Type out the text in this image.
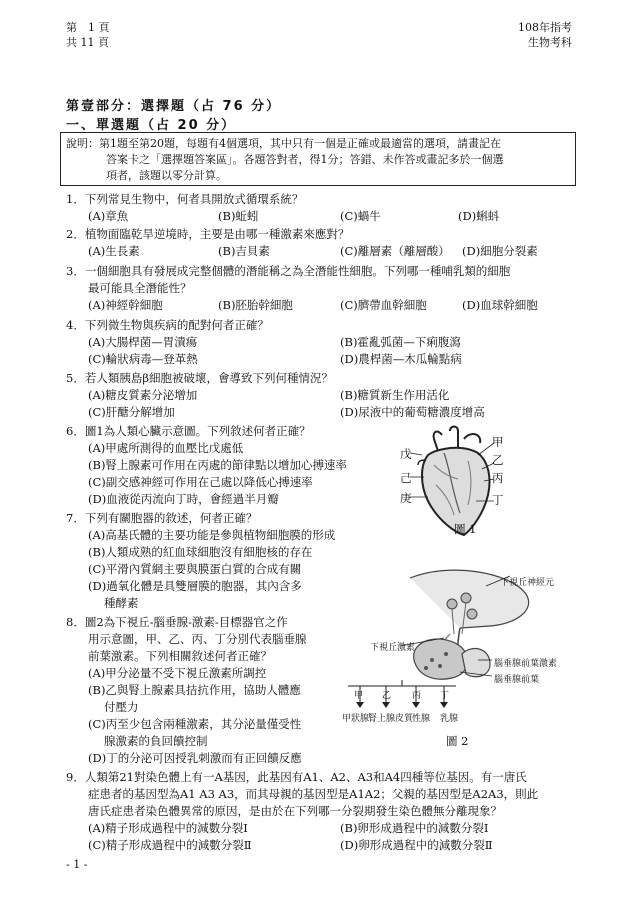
第　1 頁
共 11 頁
108年指考
生物考科
第壹部分：選擇題（占 76 分）
一、單選題（占 20 分）
說明：第1題至第20題，每題有4個選項，其中只有一個是正確或最適當的選項，請畫記在
答案卡之「選擇題答案區」。各題答對者，得1分；答錯、未作答或畫記多於一個選
項者，該題以零分計算。
1．下列常見生物中，何者具開放式循環系統？
(A)章魚	(B)蚯蚓	(C)蝸牛	(D)蝌蚪
2．植物面臨乾旱逆境時，主要是由哪一種激素來應對？
(A)生長素	(B)吉貝素	(C)離層素（離層酸） (D)細胞分裂素
3．一個細胞具有發展成完整個體的潛能稱之為全潛能性細胞。下列哪一種哺乳類的細胞
最可能具全潛能性？
(A)神經幹細胞	(B)胚胎幹細胞	(C)臍帶血幹細胞	(D)血球幹細胞
4．下列微生物與疾病的配對何者正確？
(A)大腸桿菌—胃潰瘍	(B)霍亂弧菌—下痢腹瀉
(C)輪狀病毒—登革熱	(D)農桿菌—木瓜輪點病
5．若人類胰島β細胞被破壞，會導致下列何種情況？
(A)糖皮質素分泌增加	(B)糖質新生作用活化
(C)肝醣分解增加	(D)尿液中的葡萄糖濃度增高
6．圖1為人類心臟示意圖。下列敘述何者正確？
(A)甲處所測得的血壓比戊處低
(B)腎上腺素可作用在丙處的節律點以增加心搏速率
(C)副交感神經可作用在己處以降低心搏速率
(D)血液從丙流向丁時，會經過半月瓣
甲
乙
丙
丁
戊
己
庚
圖 1
7．下列有關胞器的敘述，何者正確？
(A)高基氏體的主要功能是參與植物細胞膜的形成
(B)人類成熟的紅血球細胞沒有細胞核的存在
(C)平滑內質網主要與膜蛋白質的合成有關
(D)過氧化體是具雙層膜的胞器，其內含多
種酵素
8．圖2為下視丘-腦垂腺-激素-目標器官之作
用示意圖，甲、乙、丙、丁分別代表腦垂腺
前葉激素。下列相關敘述何者正確？
(A)甲分泌量不受下視丘激素所調控
(B)乙與腎上腺素具拮抗作用，協助人體應
付壓力
(C)丙至少包含兩種激素，其分泌量僅受性
腺激素的負回饋控制
(D)丁的分泌可因授乳刺激而有正回饋反應
下視丘神經元
下視丘激素
腦垂腺前葉激素
腦垂腺前葉
甲 乙 丙 丁
甲狀腺
腎上腺皮質
性腺 乳腺
圖 2
9．人類第21對染色體上有一A基因，此基因有A1、A2、A3和A4四種等位基因。有一唐氏
症患者的基因型為A1 A3 A3，而其母親的基因型是A1A2；父親的基因型是A2A3，則此
唐氏症患者染色體異常的原因，是由於在下列哪一分裂期發生染色體無分離現象？
(A)精子形成過程中的減數分裂Ⅰ	(B)卵形成過程中的減數分裂Ⅰ
(C)精子形成過程中的減數分裂Ⅱ	(D)卵形成過程中的減數分裂Ⅱ
- 1 -
